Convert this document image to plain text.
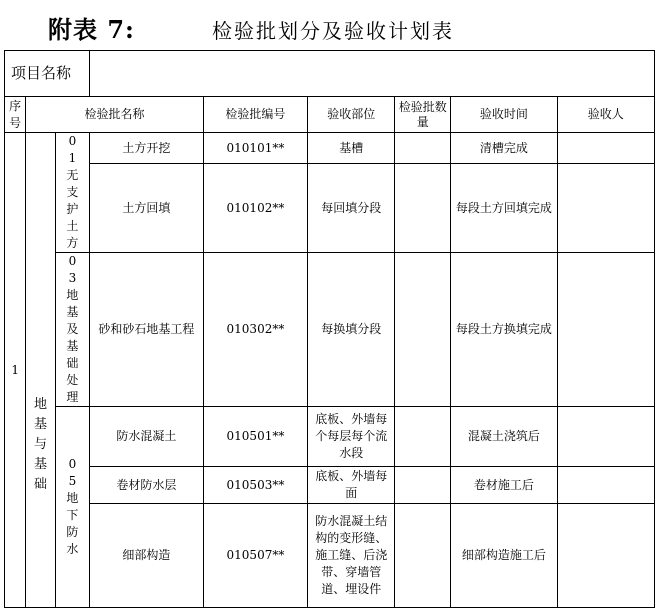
附表 7:	检验批划分及验收计划表
项目名称								
序号	检验批名称			检验批编号	验收部位	检验批数量	验收时间	验收人
1	地基与基础	01无支护土方	土方开挖	010101**	基槽		清槽完成	
			土方回填	010102**	每回填分段		每段土方回填完成	
		03地基及基础处理	砂和砂石地基工程	010302**	每换填分段		每段土方换填完成	
		05地下防水	防水混凝土	010501**	底板、外墙每个每层每个流水段		混凝土浇筑后	
			卷材防水层	010503**	底板、外墙每面		卷材施工后	
			细部构造	010507**	防水混凝土结构的变形缝、施工缝、后浇带、穿墙管道、埋设件		细部构造施工后	
